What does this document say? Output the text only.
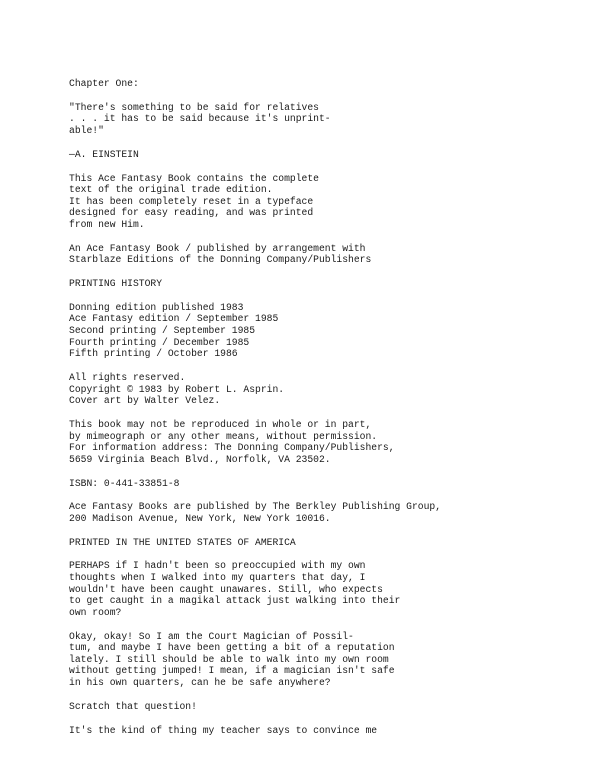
Chapter One:

"There's something to be said for relatives
. . . it has to be said because it's unprint-
able!"

—A. EINSTEIN

This Ace Fantasy Book contains the complete
text of the original trade edition.
It has been completely reset in a typeface
designed for easy reading, and was printed
from new Him.

An Ace Fantasy Book / published by arrangement with
Starblaze Editions of the Donning Company/Publishers

PRINTING HISTORY

Donning edition published 1983
Ace Fantasy edition / September 1985
Second printing / September 1985
Fourth printing / December 1985
Fifth printing / October 1986

All rights reserved.
Copyright © 1983 by Robert L. Asprin.
Cover art by Walter Velez.

This book may not be reproduced in whole or in part,
by mimeograph or any other means, without permission.
For information address: The Donning Company/Publishers,
5659 Virginia Beach Blvd., Norfolk, VA 23502.

ISBN: 0-441-33851-8

Ace Fantasy Books are published by The Berkley Publishing Group,
200 Madison Avenue, New York, New York 10016.

PRINTED IN THE UNITED STATES OF AMERICA

PERHAPS if I hadn't been so preoccupied with my own
thoughts when I walked into my quarters that day, I
wouldn't have been caught unawares. Still, who expects
to get caught in a magikal attack just walking into their
own room?

Okay, okay! So I am the Court Magician of Possil-
tum, and maybe I have been getting a bit of a reputation
lately. I still should be able to walk into my own room
without getting jumped! I mean, if a magician isn't safe
in his own quarters, can he be safe anywhere?

Scratch that question!

It's the kind of thing my teacher says to convince me
